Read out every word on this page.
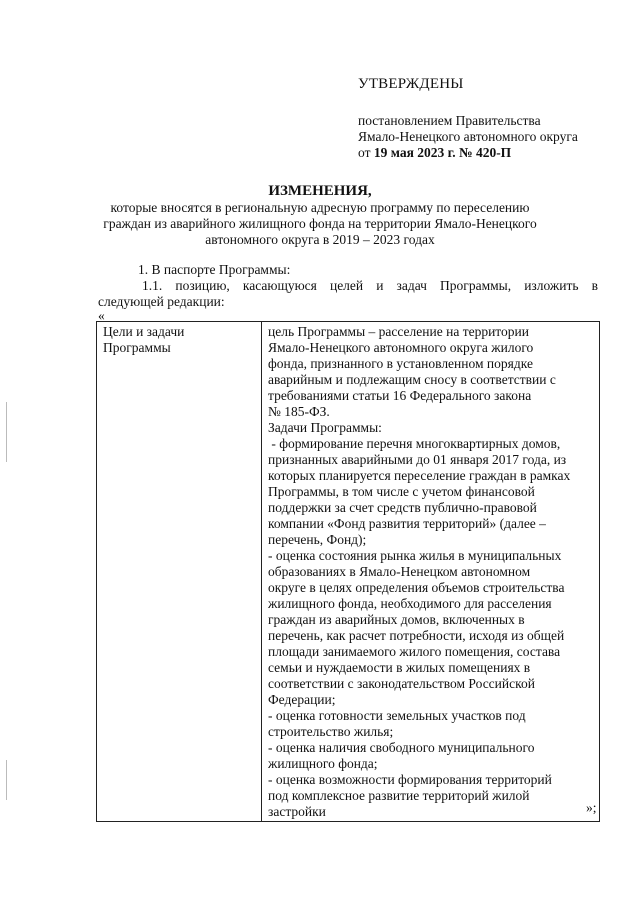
УТВЕРЖДЕНЫ
постановлением Правительства
Ямало-Ненецкого автономного округа
от 19 мая 2023 г. № 420-П
ИЗМЕНЕНИЯ,
которые вносятся в региональную адресную программу по переселению
граждан из аварийного жилищного фонда на территории Ямало-Ненецкого
автономного округа в 2019 – 2023 годах
1. В паспорте Программы:
1.1. позицию, касающуюся целей и задач Программы, изложить в
следующей редакции:
«
Цели и задачи
Программы

цель Программы – расселение на территории
Ямало-Ненецкого автономного округа жилого
фонда, признанного в установленном порядке
аварийным и подлежащим сносу в соответствии с
требованиями статьи 16 Федерального закона
№ 185-ФЗ.
Задачи Программы:
- формирование перечня многоквартирных домов,
признанных аварийными до 01 января 2017 года, из
которых планируется переселение граждан в рамках
Программы, в том числе с учетом финансовой
поддержки за счет средств публично-правовой
компании «Фонд развития территорий» (далее –
перечень, Фонд);
- оценка состояния рынка жилья в муниципальных
образованиях в Ямало-Ненецком автономном
округе в целях определения объемов строительства
жилищного фонда, необходимого для расселения
граждан из аварийных домов, включенных в
перечень, как расчет потребности, исходя из общей
площади занимаемого жилого помещения, состава
семьи и нуждаемости в жилых помещениях в
соответствии с законодательством Российской
Федерации;
- оценка готовности земельных участков под
строительство жилья;
- оценка наличия свободного муниципального
жилищного фонда;
- оценка возможности формирования территорий
под комплексное развитие территорий жилой
застройки	»;
